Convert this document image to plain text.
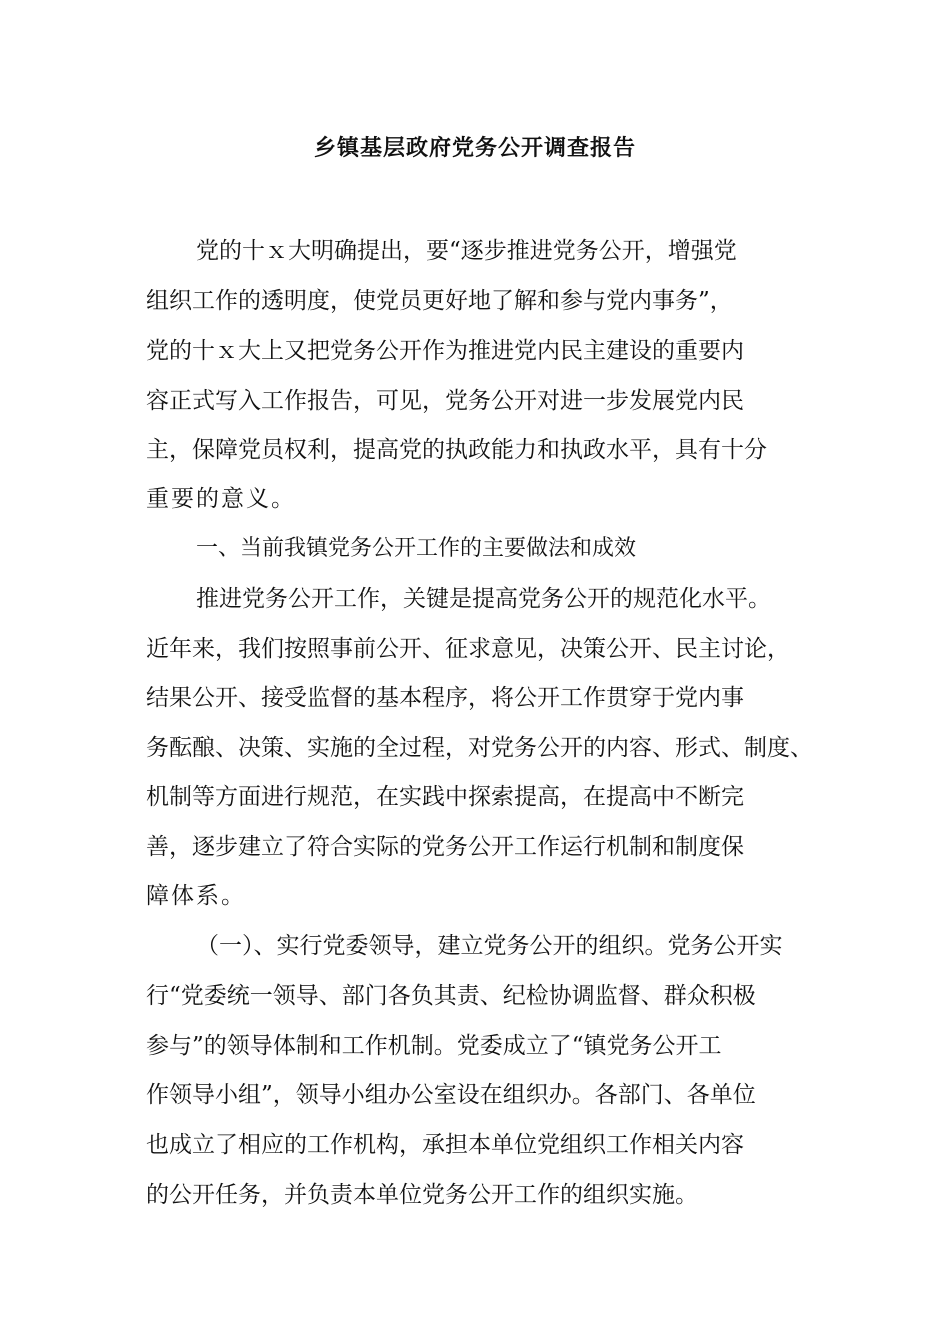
乡镇基层政府党务公开调查报告

党的十ｘ大明确提出，要“逐步推进党务公开，增强党

组织工作的透明度，使党员更好地了解和参与党内事务”，

党的十ｘ大上又把党务公开作为推进党内民主建设的重要内

容正式写入工作报告，可见，党务公开对进一步发展党内民

主，保障党员权利，提高党的执政能力和执政水平，具有十分

重要的意义。

一、当前我镇党务公开工作的主要做法和成效

推进党务公开工作，关键是提高党务公开的规范化水平。

近年来，我们按照事前公开、征求意见，决策公开、民主讨论，

结果公开、接受监督的基本程序，将公开工作贯穿于党内事

务酝酿、决策、实施的全过程，对党务公开的内容、形式、制度、

机制等方面进行规范，在实践中探索提高，在提高中不断完

善，逐步建立了符合实际的党务公开工作运行机制和制度保

障体系。

（一）、实行党委领导，建立党务公开的组织。党务公开实

行“党委统一领导、部门各负其责、纪检协调监督、群众积极

参与”的领导体制和工作机制。党委成立了“镇党务公开工

作领导小组”，领导小组办公室设在组织办。各部门、各单位

也成立了相应的工作机构，承担本单位党组织工作相关内容

的公开任务，并负责本单位党务公开工作的组织实施。
